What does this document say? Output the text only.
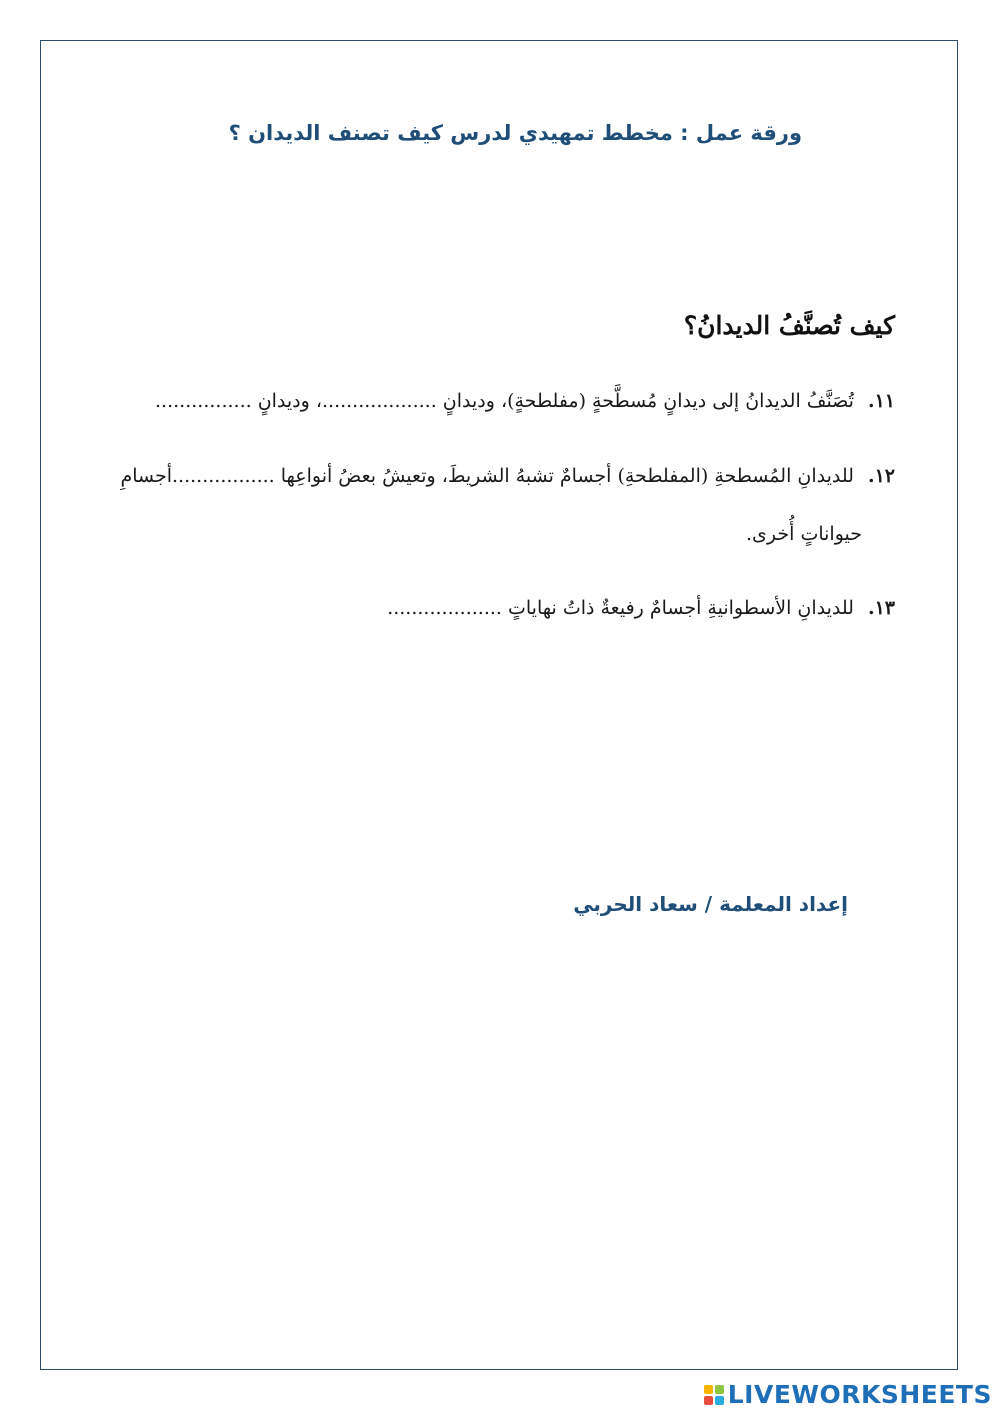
ورقة عمل : مخطط تمهيدي لدرس كيف تصنف الديدان ؟
كيف تُصنَّفُ الديدانُ؟
١١.تُصَنَّفُ الديدانُ إلى ديدانٍ مُسطَّحةٍ (مفلطحةٍ)، وديدانٍ ...................، وديدانٍ ................
١٢.للديدانِ المُسطحةِ (المفلطحةِ) أجسامٌ تشبهُ الشريطَ، وتعيشُ بعضُ أنواعِها .................أجسامِ
حيواناتٍ أُخرى.
١٣.للديدانِ الأسطوانيةِ أجسامٌ رفيعةٌ ذاتُ نهاياتٍ ...................
إعداد المعلمة / سعاد الحربي
LIVEWORKSHEETS
